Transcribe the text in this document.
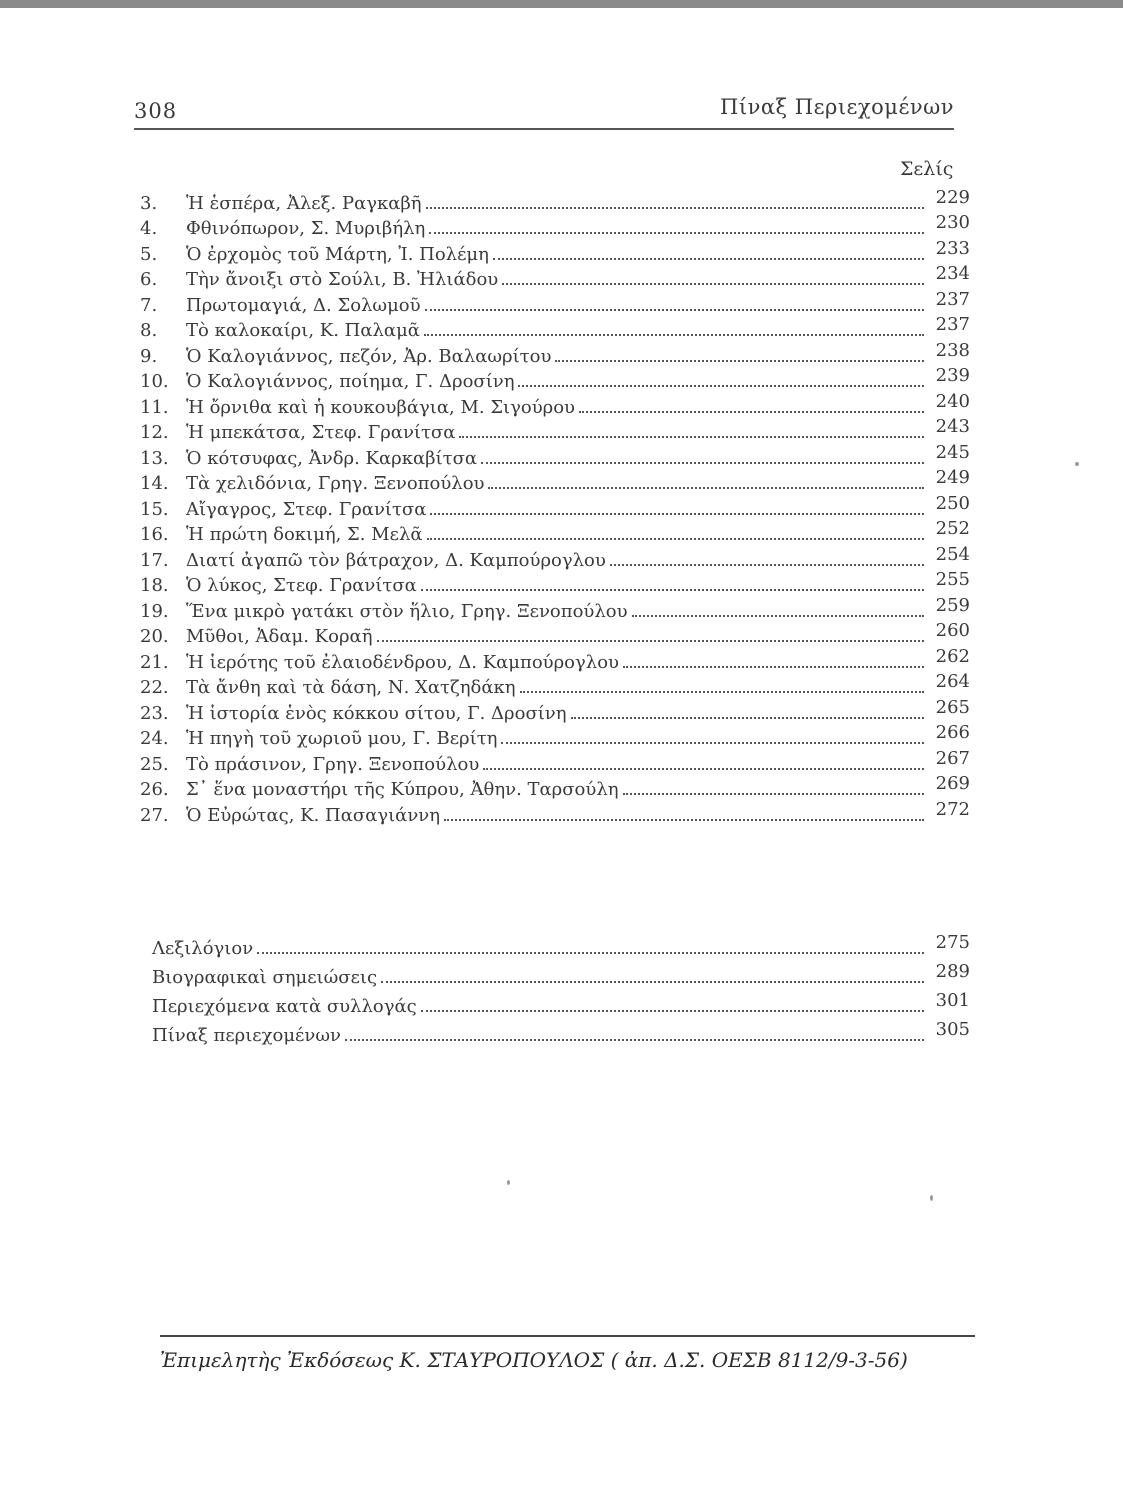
308	Πίναξ Περιεχομένων
Σελίς
3.	Ἡ ἑσπέρα, Ἀλεξ. Ραγκαβῆ	229
4.	Φθινόπωρον, Σ. Μυριβήλη	230
5.	Ὁ ἐρχομὸς τοῦ Μάρτη, Ἰ. Πολέμη	233
6.	Τὴν ἄνοιξι στὸ Σούλι, Β. Ἠλιάδου	234
7.	Πρωτομαγιά, Δ. Σολωμοῦ	237
8.	Τὸ καλοκαίρι, Κ. Παλαμᾶ	237
9.	Ὁ Καλογιάννος, πεζόν, Ἀρ. Βαλαωρίτου	238
10. Ὁ Καλογιάννος, ποίημα, Γ. Δροσίνη	239
11. Ἡ ὄρνιθα καὶ ἡ κουκουβάγια, Μ. Σιγούρου	240
12. Ἡ μπεκάτσα, Στεφ. Γρανίτσα	243
13. Ὁ κότσυφας, Ἀνδρ. Καρκαβίτσα	245
14. Τὰ χελιδόνια, Γρηγ. Ξενοπούλου	249
15. Αἴγαγρος, Στεφ. Γρανίτσα	250
16. Ἡ πρώτη δοκιμή, Σ. Μελᾶ	252
17. Διατί ἀγαπῶ τὸν βάτραχον, Δ. Καμπούρογλου	254
18. Ὁ λύκος, Στεφ. Γρανίτσα	255
19. Ἕνα μικρὸ γατάκι στὸν ἥλιο, Γρηγ. Ξενοπούλου	259
20. Μῦθοι, Ἀδαμ. Κοραῆ	260
21. Ἡ ἱερότης τοῦ ἐλαιοδένδρου, Δ. Καμπούρογλου	262
22. Τὰ ἄνθη καὶ τὰ δάση, Ν. Χατζηδάκη	264
23. Ἡ ἱστορία ἑνὸς κόκκου σίτου, Γ. Δροσίνη	265
24. Ἡ πηγὴ τοῦ χωριοῦ μου, Γ. Βερίτη	266
25. Τὸ πράσινον, Γρηγ. Ξενοπούλου	267
26. Σ᾿ ἕνα μοναστήρι τῆς Κύπρου, Ἀθην. Ταρσούλη	269
27. Ὁ Εὐρώτας, Κ. Πασαγιάννη	272
Λεξιλόγιον	275
Βιογραφικαὶ σημειώσεις	289
Περιεχόμενα κατὰ συλλογάς	301
Πίναξ περιεχομένων	305
Ἐπιμελητὴς Ἐκδόσεως Κ. ΣΤΑΥΡΟΠΟΥΛΟΣ ( ἀπ. Δ.Σ. ΟΕΣΒ 8112/9-3-56)
